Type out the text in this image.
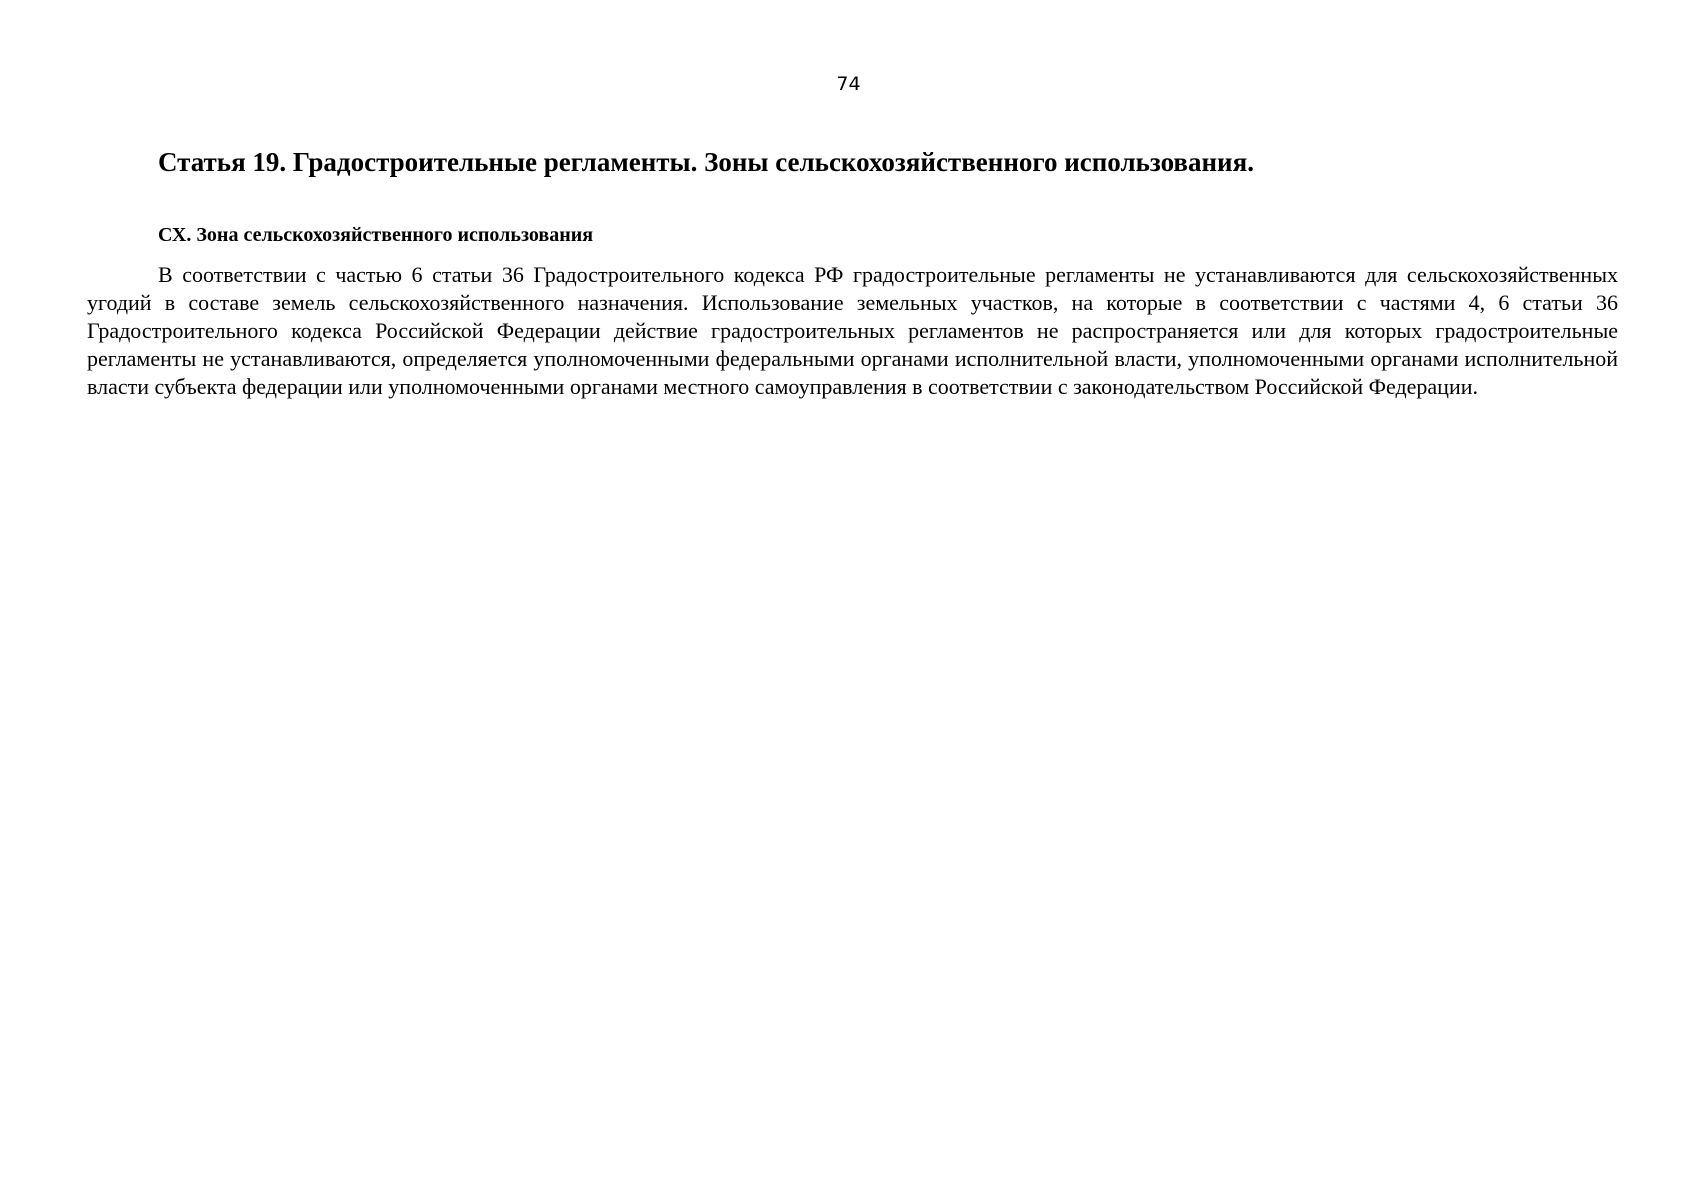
74
Статья 19. Градостроительные регламенты. Зоны сельскохозяйственного использования.
СХ. Зона сельскохозяйственного использования

В соответствии с частью 6 статьи 36 Градостроительного кодекса РФ градостроительные регламенты не устанавливаются для сельскохозяйственных угодий в составе земель сельскохозяйственного назначения. Использование земельных участков, на которые в соответствии с частями 4, 6 статьи 36 Градостроительного кодекса Российской Федерации действие градостроительных регламентов не распространяется или для которых градостроительные регламенты не устанавливаются, определяется уполномоченными федеральными органами исполнительной власти, уполномоченными органами исполнительной власти субъекта федерации или уполномоченными органами местного самоуправления в соответствии с законодательством Российской Федерации.
